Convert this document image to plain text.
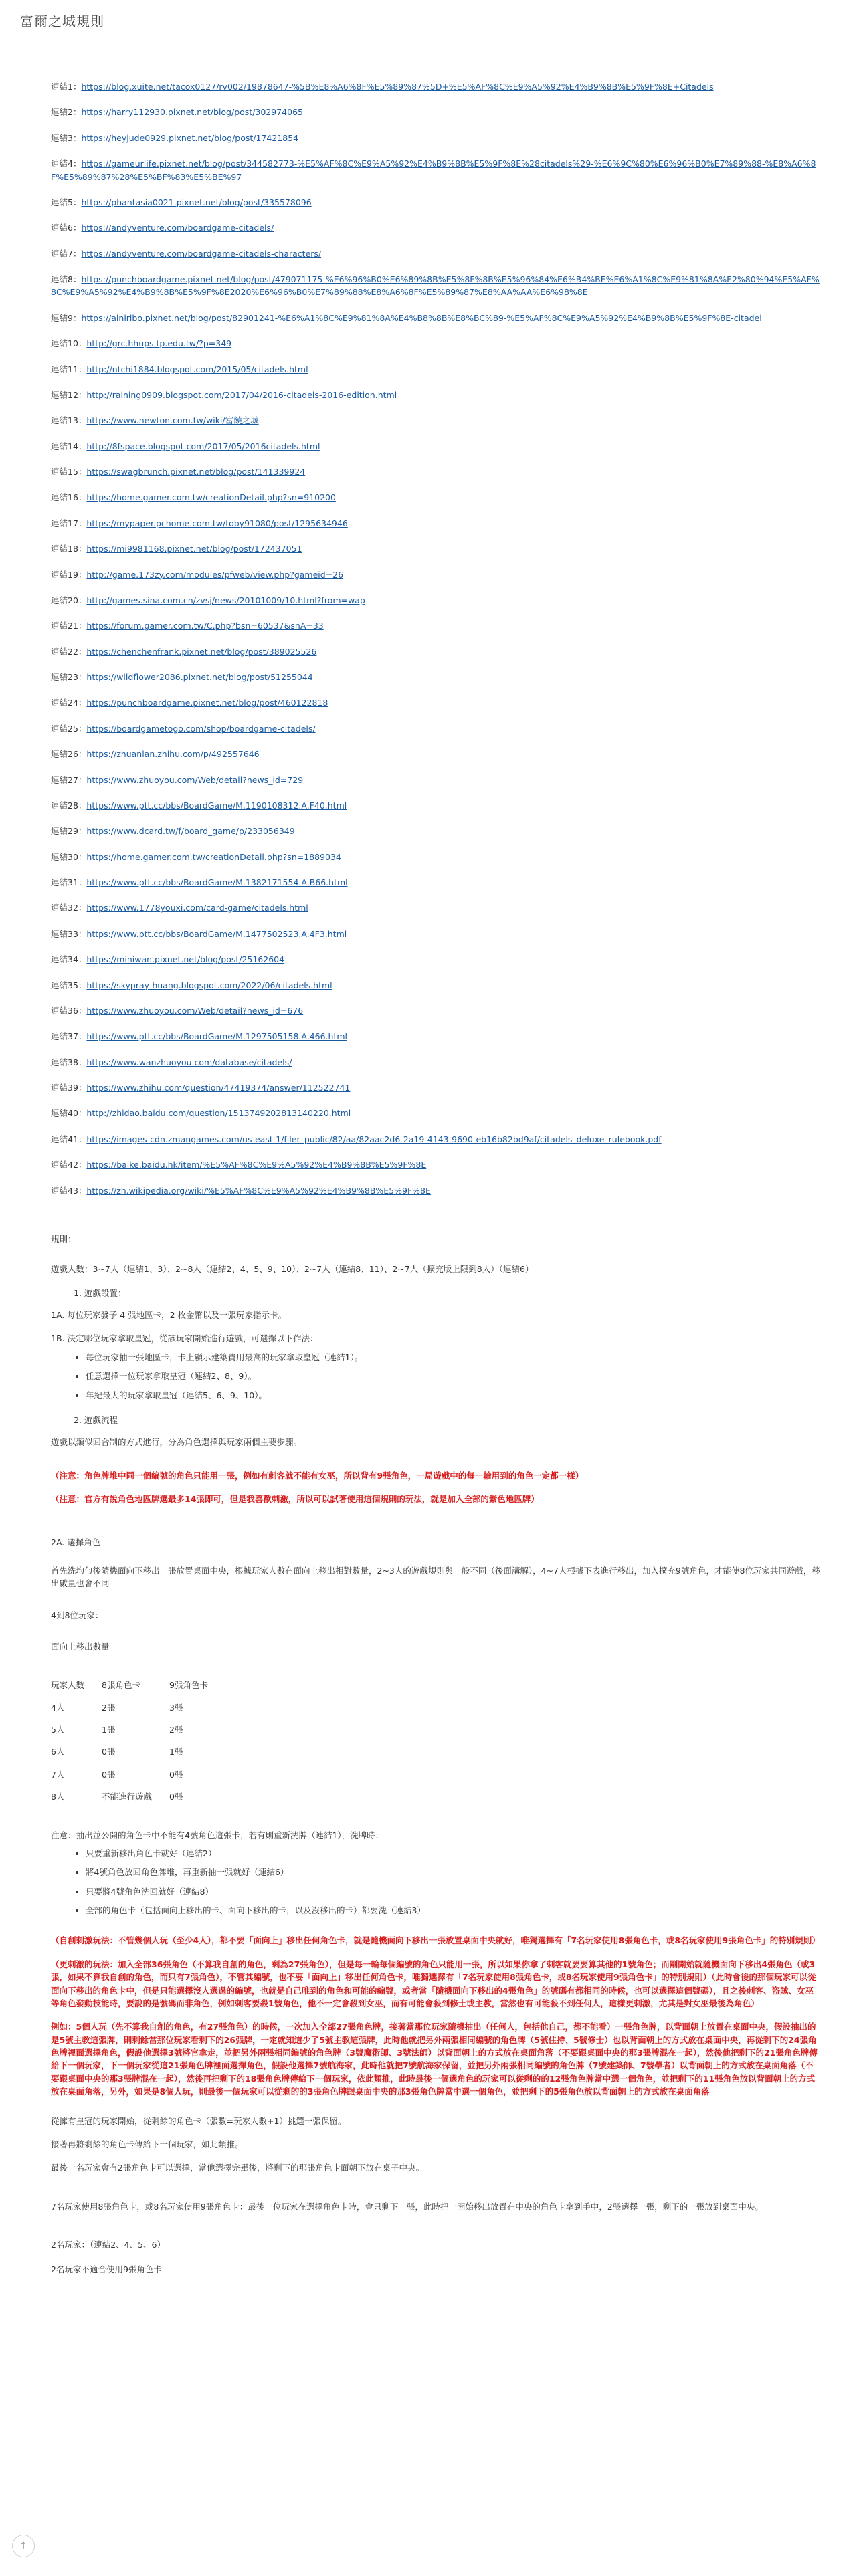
富爾之城規則
連結1：https://blog.xuite.net/tacox0127/rv002/19878647-%5B%E8%A6%8F%E5%89%87%5D+%E5%AF%8C%E9%A5%92%E4%B9%8B%E5%9F%8E+Citadels
連結2：https://harry112930.pixnet.net/blog/post/302974065
連結3：https://heyjude0929.pixnet.net/blog/post/17421854
連結4：https://gameurlife.pixnet.net/blog/post/344582773-%E5%AF%8C%E9%A5%92%E4%B9%8B%E5%9F%8E%28citadels%29-%E6%9C%80%E6%96%B0%E7%89%88-%E8%A6%8F%E5%89%87%28%E5%BF%83%E5%BE%97
連結5：https://phantasia0021.pixnet.net/blog/post/335578096
連結6：https://andyventure.com/boardgame-citadels/
連結7：https://andyventure.com/boardgame-citadels-characters/
連結8：https://punchboardgame.pixnet.net/blog/post/479071175-%E6%96%B0%E6%89%8B%E5%8F%8B%E5%96%84%E6%B4%BE%E6%A1%8C%E9%81%8A%E2%80%94%E5%AF%8C%E9%A5%92%E4%B9%8B%E5%9F%8E2020%E6%96%B0%E7%89%88%E8%A6%8F%E5%89%87%E8%AA%AA%E6%98%8E
連結9：https://ainiribo.pixnet.net/blog/post/82901241-%E6%A1%8C%E9%81%8A%E4%B8%8B%E8%BC%89-%E5%AF%8C%E9%A5%92%E4%B9%8B%E5%9F%8E-citadel
連結10：http://grc.hhups.tp.edu.tw/?p=349
連結11：http://ntchi1884.blogspot.com/2015/05/citadels.html
連結12：http://raining0909.blogspot.com/2017/04/2016-citadels-2016-edition.html
連結13：https://www.newton.com.tw/wiki/富饒之城
連結14：http://8fspace.blogspot.com/2017/05/2016citadels.html
連結15：https://swagbrunch.pixnet.net/blog/post/141339924
連結16：https://home.gamer.com.tw/creationDetail.php?sn=910200
連結17：https://mypaper.pchome.com.tw/toby91080/post/1295634946
連結18：https://mi9981168.pixnet.net/blog/post/172437051
連結19：http://game.173zy.com/modules/pfweb/view.php?gameid=26
連結20：http://games.sina.com.cn/zvsj/news/20101009/10.html?from=wap
連結21：https://forum.gamer.com.tw/C.php?bsn=60537&snA=33
連結22：https://chenchenfrank.pixnet.net/blog/post/389025526
連結23：https://wildflower2086.pixnet.net/blog/post/51255044
連結24：https://punchboardgame.pixnet.net/blog/post/460122818
連結25：https://boardgametogo.com/shop/boardgame-citadels/
連結26：https://zhuanlan.zhihu.com/p/492557646
連結27：https://www.zhuoyou.com/Web/detail?news_id=729
連結28：https://www.ptt.cc/bbs/BoardGame/M.1190108312.A.F40.html
連結29：https://www.dcard.tw/f/board_game/p/233056349
連結30：https://home.gamer.com.tw/creationDetail.php?sn=1889034
連結31：https://www.ptt.cc/bbs/BoardGame/M.1382171554.A.B66.html
連結32：https://www.1778youxi.com/card-game/citadels.html
連結33：https://www.ptt.cc/bbs/BoardGame/M.1477502523.A.4F3.html
連結34：https://miniwan.pixnet.net/blog/post/25162604
連結35：https://skypray-huang.blogspot.com/2022/06/citadels.html
連結36：https://www.zhuoyou.com/Web/detail?news_id=676
連結37：https://www.ptt.cc/bbs/BoardGame/M.1297505158.A.466.html
連結38：https://www.wanzhuoyou.com/database/citadels/
連結39：https://www.zhihu.com/question/47419374/answer/112522741
連結40：http://zhidao.baidu.com/question/1513749202813140220.html
連結41：https://images-cdn.zmangames.com/us-east-1/filer_public/82/aa/82aac2d6-2a19-4143-9690-eb16b82bd9af/citadels_deluxe_rulebook.pdf
連結42：https://baike.baidu.hk/item/%E5%AF%8C%E9%A5%92%E4%B9%8B%E5%9F%8E
連結43：https://zh.wikipedia.org/wiki/%E5%AF%8C%E9%A5%92%E4%B9%8B%E5%9F%8E

規則：

遊戲人數：3~7人（連結1、3）、2~8人（連結2、4、5、9、10）、2~7人（連結8、11）、2~7人（擴充版上限到8人）（連結6）

1. 遊戲設置：

1A. 每位玩家發予 4 張地區卡，2 枚金幣以及一張玩家指示卡。

1B. 決定哪位玩家拿取皇冠，從該玩家開始進行遊戲，可選擇以下作法：

• 每位玩家抽一張地區卡，卡上顯示建築費用最高的玩家拿取皇冠（連結1）。
• 任意選擇一位玩家拿取皇冠（連結2、8、9）。
• 年紀最大的玩家拿取皇冠（連結5、6、9、10）。
2. 遊戲流程

遊戲以類似回合制的方式進行，分為角色選擇與玩家兩個主要步驟。

（注意：角色牌堆中同一個編號的角色只能用一張，例如有刺客就不能有女巫，所以背有9張角色，一局遊戲中的每一輪用到的角色一定都一樣）

（注意：官方有說角色地區牌選最多14張即可，但是我喜歡刺激，所以可以試著使用這個規則的玩法，就是加入全部的紫色地區牌）

2A. 選擇角色

首先洗均勻後隨機面向下移出一張放置桌面中央，根據玩家人數在面向上移出相對數量，2~3人的遊戲規則與一般不同（後面講解），4~7人根據下表進行移出，加入擴充9號角色，才能使8位玩家共同遊戲，移出數量也會不同

4到8位玩家：

面向上移出數量

玩家人數	8張角色卡	9張角色卡
4人	2張	3張
5人	1張	2張
6人	0張	1張
7人	0張	0張
8人	不能進行遊戲	0張

注意：抽出並公開的角色卡中不能有4號角色這張卡，若有則重新洗牌（連結1），洗牌時：

• 只要重新移出角色卡就好（連結2）
• 將4號角色放回角色牌堆，再重新抽一張就好（連結6）
• 只要將4號角色洗回就好（連結8）
• 全部的角色卡（包括面向上移出的卡、面向下移出的卡，以及沒移出的卡）都要洗（連結3）

（自創刺激玩法：不管幾個人玩（至少4人），都不要「面向上」移出任何角色卡，就是隨機面向下移出一張放置桌面中央就好，唯獨選擇有「7名玩家使用8張角色卡，或8名玩家使用9張角色卡」的特別規則）

（更刺激的玩法：加入全部36張角色（不算我自創的角色，剩為27張角色），但是每一輪每個編號的角色只能用一張，所以如果你拿了刺客就要要算其他的1號角色；而剛開始就隨機面向下移出4張角色（或3張，如果不算我自創的角色，而只有7張角色），不管其編號，也不要「面向上」移出任何角色卡，唯獨選擇有「7名玩家使用8張角色卡，或8名玩家使用9張角色卡」的特別規則）（此時會後的那個玩家可以從面向下移出的角色卡中，但是只能選擇沒人選過的編號，也就是自己唯到的角色和可能的編號，或者當「隨機面向下移出的4張角色」的號碼有都相同的時候，也可以選擇這個號碼），且之後刺客、盜賊、女巫等角色發動技能時，要說的是號碼而非角色，例如刺客要殺1號角色，他不一定會殺到女巫，而有可能會殺到修士或主教，當然也有可能殺不到任何人，這樣更刺激，尤其是對女巫最後為角色）

例如：5個人玩（先不算我自創的角色，有27張角色）的時候，一次加入全部27張角色牌，接著當那位玩家隨機抽出（任何人，包括他自己，都不能看）一張角色牌，以背面朝上放置在桌面中央，假設抽出的是5號主教這張牌，則剩餘當那位玩家看剩下的26張牌，一定就知道少了5號主教這張牌，此時他就把另外兩張相同編號的角色牌（5號住持、5號修士）也以背面朝上的方式放在桌面中央，再從剩下的24張角色牌裡面選擇角色，假設他選擇3號將官拿走，並把另外兩張相同編號的角色牌（3號魔術師、3號法師）以背面朝上的方式放在桌面角落（不要跟桌面中央的那3張牌混在一起），然後他把剩下的21張角色牌傳給下一個玩家，下一個玩家從這21張角色牌裡面選擇角色，假設他選擇7號航海家，此時他就把7號航海家保留，並把另外兩張相同編號的角色牌（7號建築師、7號學者）以背面朝上的方式放在桌面角落（不要跟桌面中央的那3張牌混在一起），然後再把剩下的18張角色牌傳給下一個玩家，依此類推，此時最後一個選角色的玩家可以從剩的的12張角色牌當中選一個角色，並把剩下的11張角色放以背面朝上的方式放在桌面角落，另外，如果是8個人玩，則最後一個玩家可以從剩的的3張角色牌跟桌面中央的那3張角色牌當中選一個角色，並把剩下的5張角色放以背面朝上的方式放在桌面角落

從擁有皇冠的玩家開始，從剩餘的角色卡（張數=玩家人數+1）挑選一張保留。

接著再將剩餘的角色卡傳給下一個玩家，如此類推。

最後一名玩家會有2張角色卡可以選擇，當他選擇完畢後，將剩下的那張角色卡面朝下放在桌子中央。

7名玩家使用8張角色卡，或8名玩家使用9張角色卡：最後一位玩家在選擇角色卡時，會只剩下一張，此時把一開始移出放置在中央的角色卡拿到手中，2張選擇一張，剩下的一張放到桌面中央。

2名玩家：（連結2、4、5、6）

2名玩家不適合使用9張角色卡

↑
